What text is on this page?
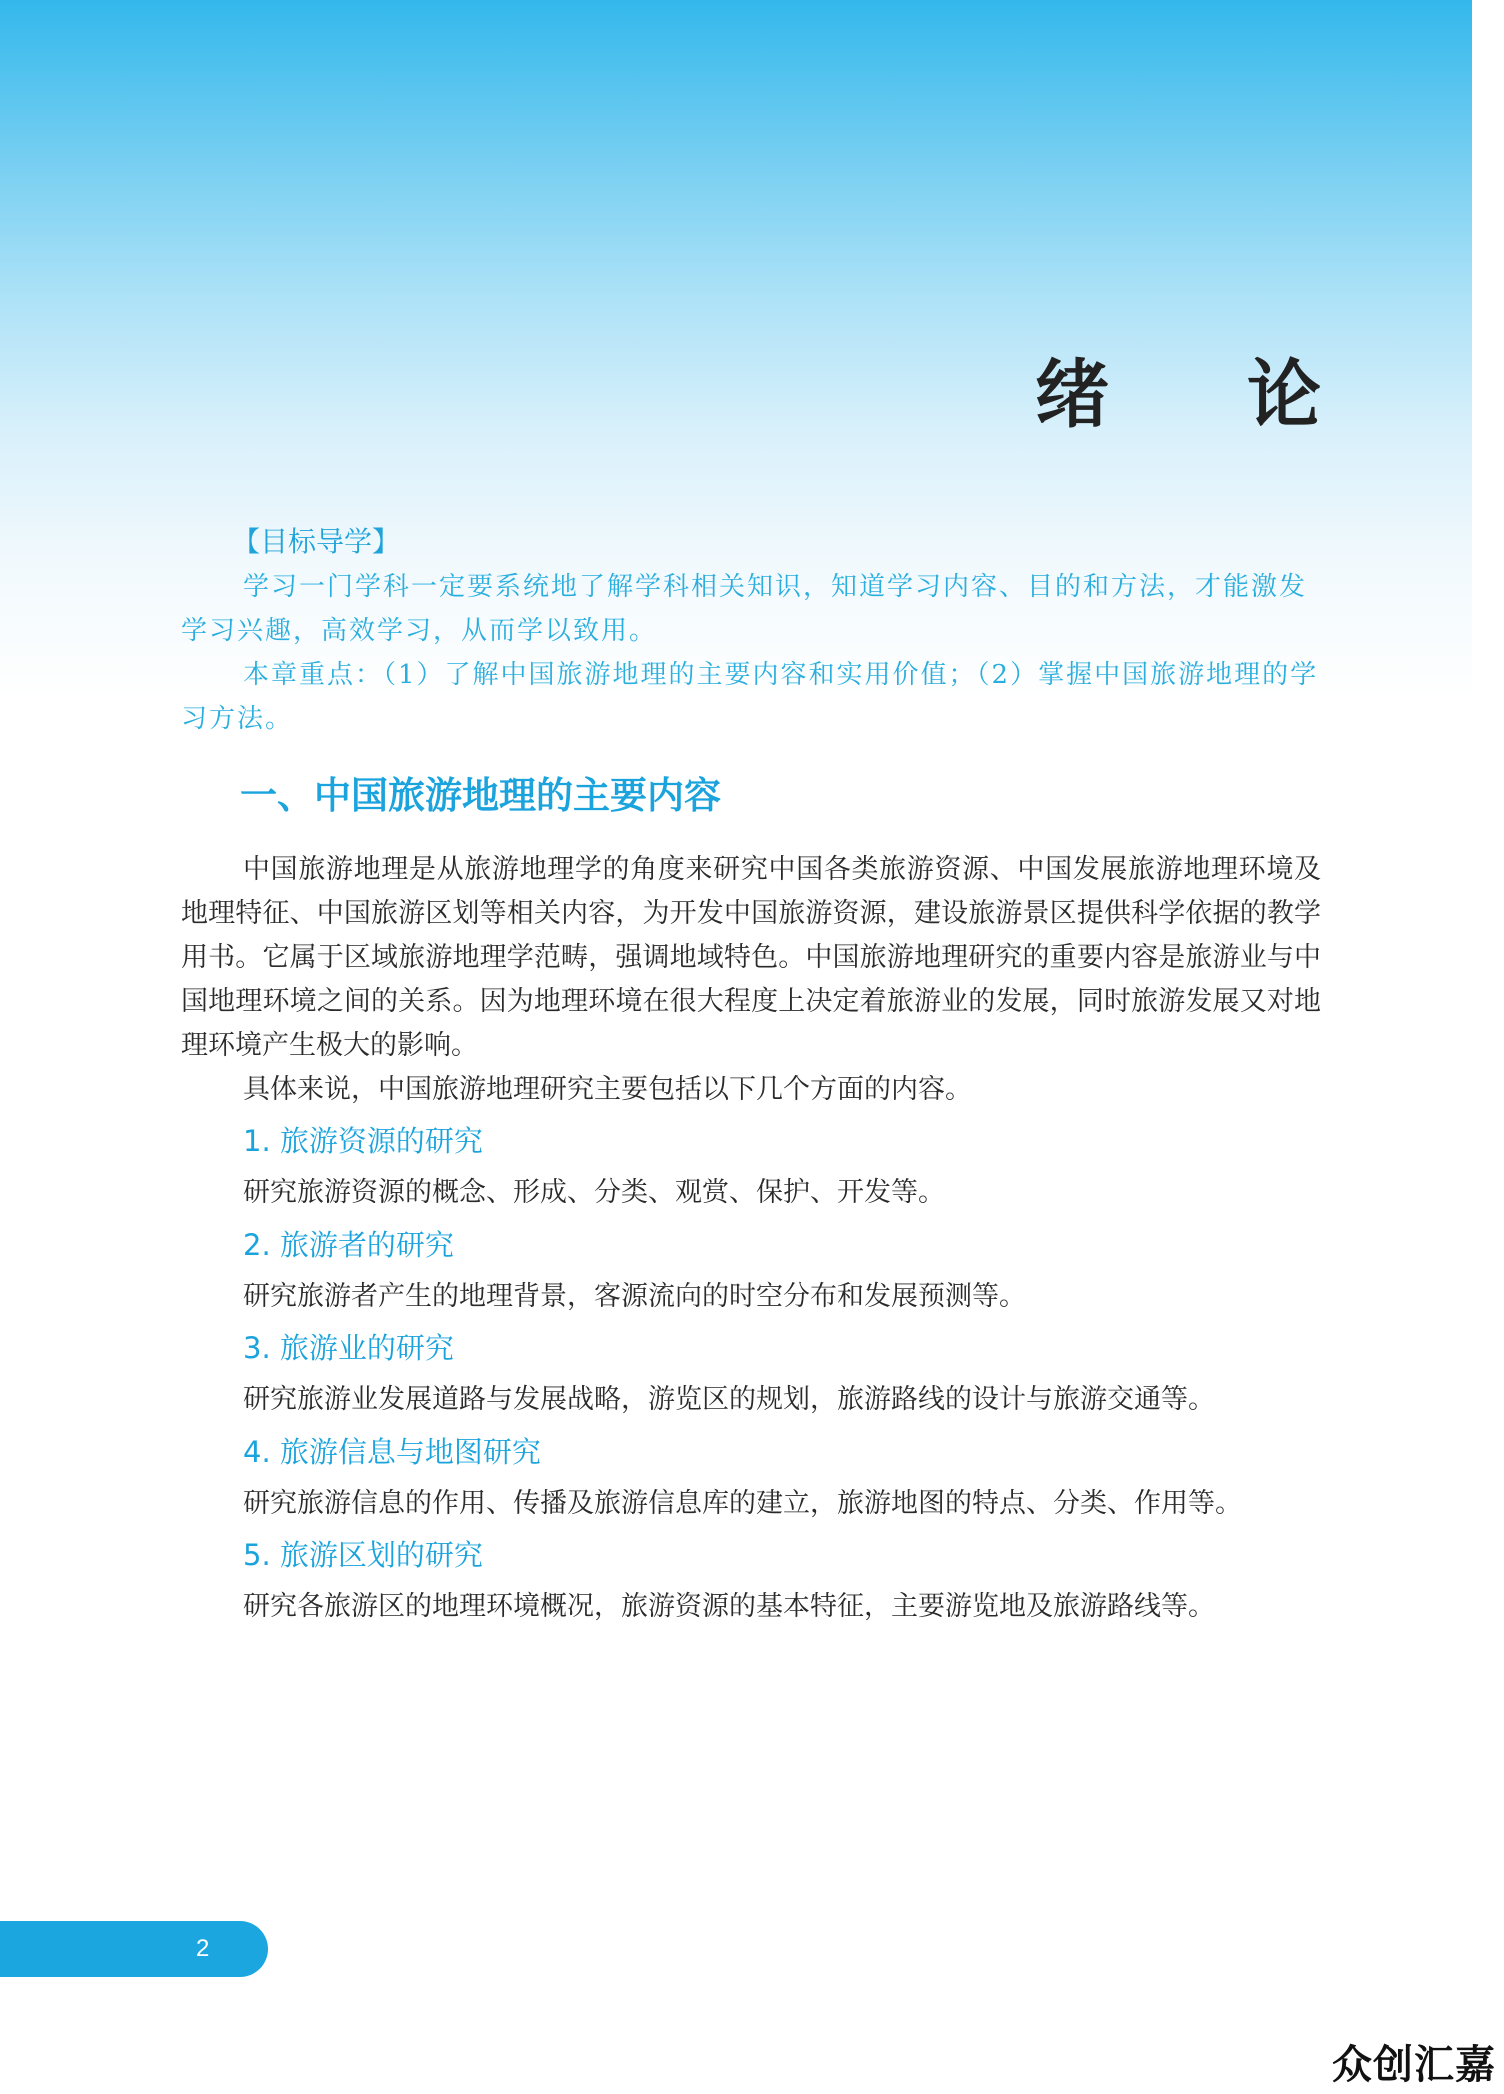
绪论
【目标导学】

学习一门学科一定要系统地了解学科相关知识，知道学习内容、目的和方法，才能激发学习兴趣，高效学习，从而学以致用。

本章重点：（1）了解中国旅游地理的主要内容和实用价值；（2）掌握中国旅游地理的学习方法。

一、中国旅游地理的主要内容

中国旅游地理是从旅游地理学的角度来研究中国各类旅游资源、中国发展旅游地理环境及地理特征、中国旅游区划等相关内容，为开发中国旅游资源，建设旅游景区提供科学依据的教学用书。它属于区域旅游地理学范畴，强调地域特色。中国旅游地理研究的重要内容是旅游业与中国地理环境之间的关系。因为地理环境在很大程度上决定着旅游业的发展，同时旅游发展又对地理环境产生极大的影响。

具体来说，中国旅游地理研究主要包括以下几个方面的内容。

1. 旅游资源的研究

研究旅游资源的概念、形成、分类、观赏、保护、开发等。

2. 旅游者的研究

研究旅游者产生的地理背景，客源流向的时空分布和发展预测等。

3. 旅游业的研究

研究旅游业发展道路与发展战略，游览区的规划，旅游路线的设计与旅游交通等。

4. 旅游信息与地图研究

研究旅游信息的作用、传播及旅游信息库的建立，旅游地图的特点、分类、作用等。

5. 旅游区划的研究

研究各旅游区的地理环境概况，旅游资源的基本特征，主要游览地及旅游路线等。

2
众创汇嘉
